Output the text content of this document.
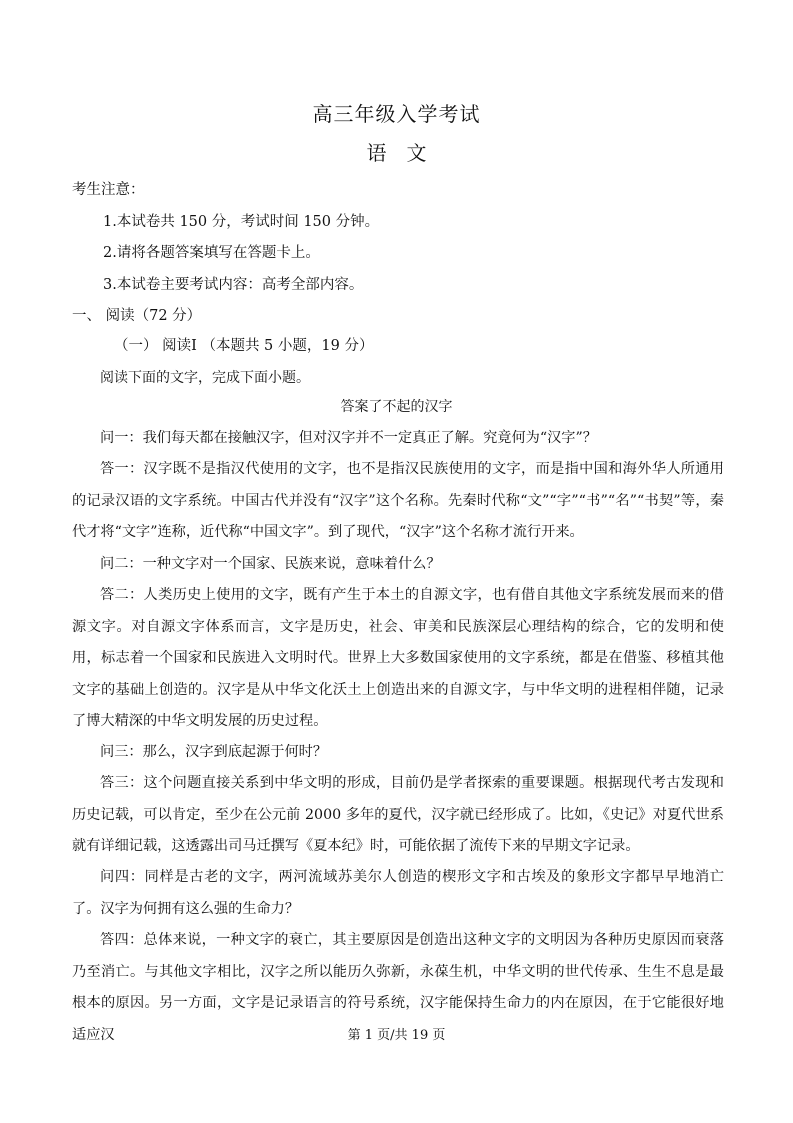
高三年级入学考试
语　文
考生注意：
1.本试卷共 150 分，考试时间 150 分钟。
2.请将各题答案填写在答题卡上。
3.本试卷主要考试内容：高考全部内容。
一、 阅读（72 分）
（一） 阅读Ⅰ （本题共 5 小题，19 分）
阅读下面的文字，完成下面小题。
答案了不起的汉字
问一：我们每天都在接触汉字，但对汉字并不一定真正了解。究竟何为“汉字”？
答一：汉字既不是指汉代使用的文字，也不是指汉民族使用的文字，而是指中国和海外华人所通用的记录汉语的文字系统。中国古代并没有“汉字”这个名称。先秦时代称“文”“字”“书”“名”“书契”等，秦代才将“文字”连称，近代称“中国文字”。到了现代，“汉字”这个名称才流行开来。
问二：一种文字对一个国家、民族来说，意味着什么？
答二：人类历史上使用的文字，既有产生于本土的自源文字，也有借自其他文字系统发展而来的借源文字。对自源文字体系而言，文字是历史，社会、审美和民族深层心理结构的综合，它的发明和使用，标志着一个国家和民族进入文明时代。世界上大多数国家使用的文字系统，都是在借鉴、移植其他文字的基础上创造的。汉字是从中华文化沃土上创造出来的自源文字，与中华文明的进程相伴随，记录了博大精深的中华文明发展的历史过程。
问三：那么，汉字到底起源于何时？
答三：这个问题直接关系到中华文明的形成，目前仍是学者探索的重要课题。根据现代考古发现和历史记载，可以肯定，至少在公元前 2000 多年的夏代，汉字就已经形成了。比如，《史记》对夏代世系就有详细记载，这透露出司马迁撰写《夏本纪》时，可能依据了流传下来的早期文字记录。
问四：同样是古老的文字，两河流域苏美尔人创造的楔形文字和古埃及的象形文字都早早地消亡了。汉字为何拥有这么强的生命力？
答四：总体来说，一种文字的衰亡，其主要原因是创造出这种文字的文明因为各种历史原因而衰落乃至消亡。与其他文字相比，汉字之所以能历久弥新，永葆生机，中华文明的世代传承、生生不息是最根本的原因。另一方面，文字是记录语言的符号系统，汉字能保持生命力的内在原因，在于它能很好地适应汉	第 1 页/共 19 页
